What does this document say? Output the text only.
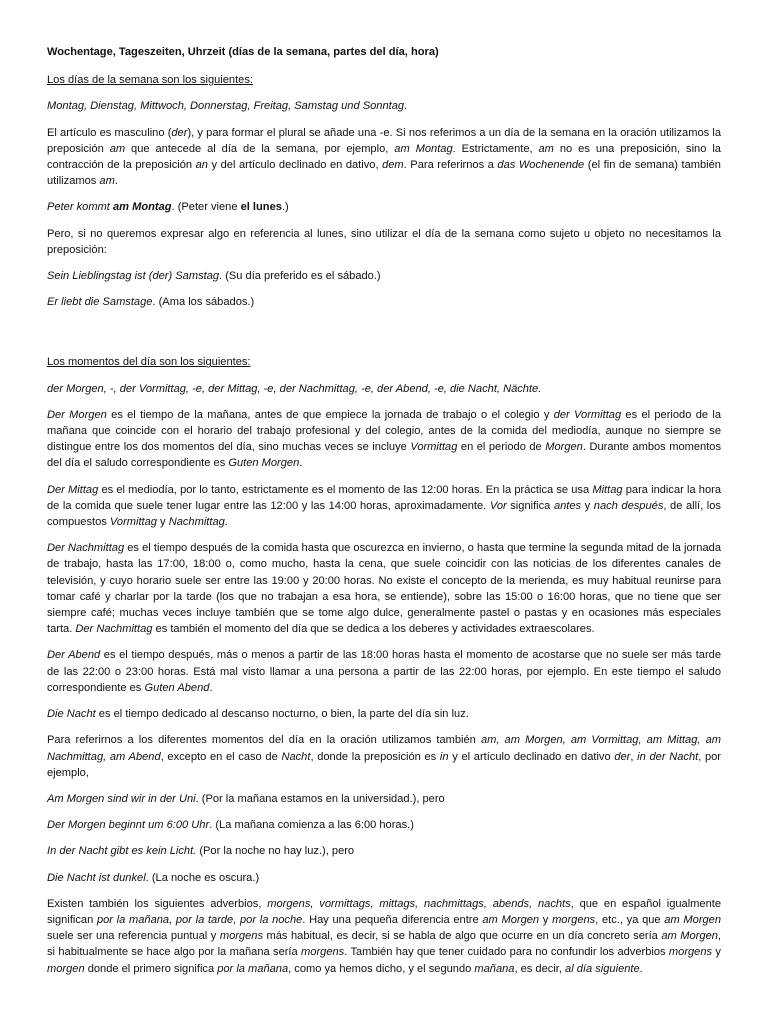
Wochentage, Tageszeiten, Uhrzeit (días de la semana, partes del día, hora)

Los días de la semana son los siguientes:

Montag, Dienstag, Mittwoch, Donnerstag, Freitag, Samstag und Sonntag.

El artículo es masculino (der), y para formar el plural se añade una -e. Si nos referimos a un día de la semana en la oración utilizamos la preposición am que antecede al día de la semana, por ejemplo, am Montag. Estrictamente, am no es una preposición, sino la contracción de la preposición an y del artículo declinado en dativo, dem. Para referirnos a das Wochenende (el fin de semana) también utilizamos am.

Peter kommt am Montag. (Peter viene el lunes.)

Pero, si no queremos expresar algo en referencia al lunes, sino utilizar el día de la semana como sujeto u objeto no necesitamos la preposición:

Sein Lieblingstag ist (der) Samstag. (Su día preferido es el sábado.)

Er liebt die Samstage. (Ama los sábados.)

Los momentos del día son los siguientes:

der Morgen, -, der Vormittag, -e, der Mittag, -e, der Nachmittag, -e, der Abend, -e, die Nacht, Nächte.

Der Morgen es el tiempo de la mañana, antes de que empiece la jornada de trabajo o el colegio y der Vormittag es el periodo de la mañana que coincide con el horario del trabajo profesional y del colegio, antes de la comida del mediodía, aunque no siempre se distingue entre los dos momentos del día, sino muchas veces se incluye Vormittag en el periodo de Morgen. Durante ambos momentos del día el saludo correspondiente es Guten Morgen.

Der Mittag es el mediodía, por lo tanto, estrictamente es el momento de las 12:00 horas. En la práctica se usa Mittag para indicar la hora de la comida que suele tener lugar entre las 12:00 y las 14:00 horas, aproximadamente. Vor significa antes y nach después, de allí, los compuestos Vormittag y Nachmittag.

Der Nachmittag es el tiempo después de la comida hasta que oscurezca en invierno, o hasta que termine la segunda mitad de la jornada de trabajo, hasta las 17:00, 18:00 o, como mucho, hasta la cena, que suele coincidir con las noticias de los diferentes canales de televisión, y cuyo horario suele ser entre las 19:00 y 20:00 horas. No existe el concepto de la merienda, es muy habitual reunirse para tomar café y charlar por la tarde (los que no trabajan a esa hora, se entiende), sobre las 15:00 o 16:00 horas, que no tiene que ser siempre café; muchas veces incluye también que se tome algo dulce, generalmente pastel o pastas y en ocasiones más especiales tarta. Der Nachmittag es también el momento del día que se dedica a los deberes y actividades extraescolares.

Der Abend es el tiempo después, más o menos a partir de las 18:00 horas hasta el momento de acostarse que no suele ser más tarde de las 22:00 o 23:00 horas. Está mal visto llamar a una persona a partir de las 22:00 horas, por ejemplo. En este tiempo el saludo correspondiente es Guten Abend.

Die Nacht es el tiempo dedicado al descanso nocturno, o bien, la parte del día sin luz.

Para referirnos a los diferentes momentos del día en la oración utilizamos también am, am Morgen, am Vormittag, am Mittag, am Nachmittag, am Abend, excepto en el caso de Nacht, donde la preposición es in y el artículo declinado en dativo der, in der Nacht, por ejemplo,

Am Morgen sind wir in der Uni. (Por la mañana estamos en la universidad.), pero

Der Morgen beginnt um 6:00 Uhr. (La mañana comienza a las 6:00 horas.)

In der Nacht gibt es kein Licht. (Por la noche no hay luz.), pero

Die Nacht ist dunkel. (La noche es oscura.)

Existen también los siguientes adverbios, morgens, vormittags, mittags, nachmittags, abends, nachts, que en español igualmente significan por la mañana, por la tarde, por la noche. Hay una pequeña diferencia entre am Morgen y morgens, etc., ya que am Morgen suele ser una referencia puntual y morgens más habitual, es decir, si se habla de algo que ocurre en un día concreto sería am Morgen, si habitualmente se hace algo por la mañana sería morgens. También hay que tener cuidado para no confundir los adverbios morgens y morgen donde el primero significa por la mañana, como ya hemos dicho, y el segundo mañana, es decir, al día siguiente.
